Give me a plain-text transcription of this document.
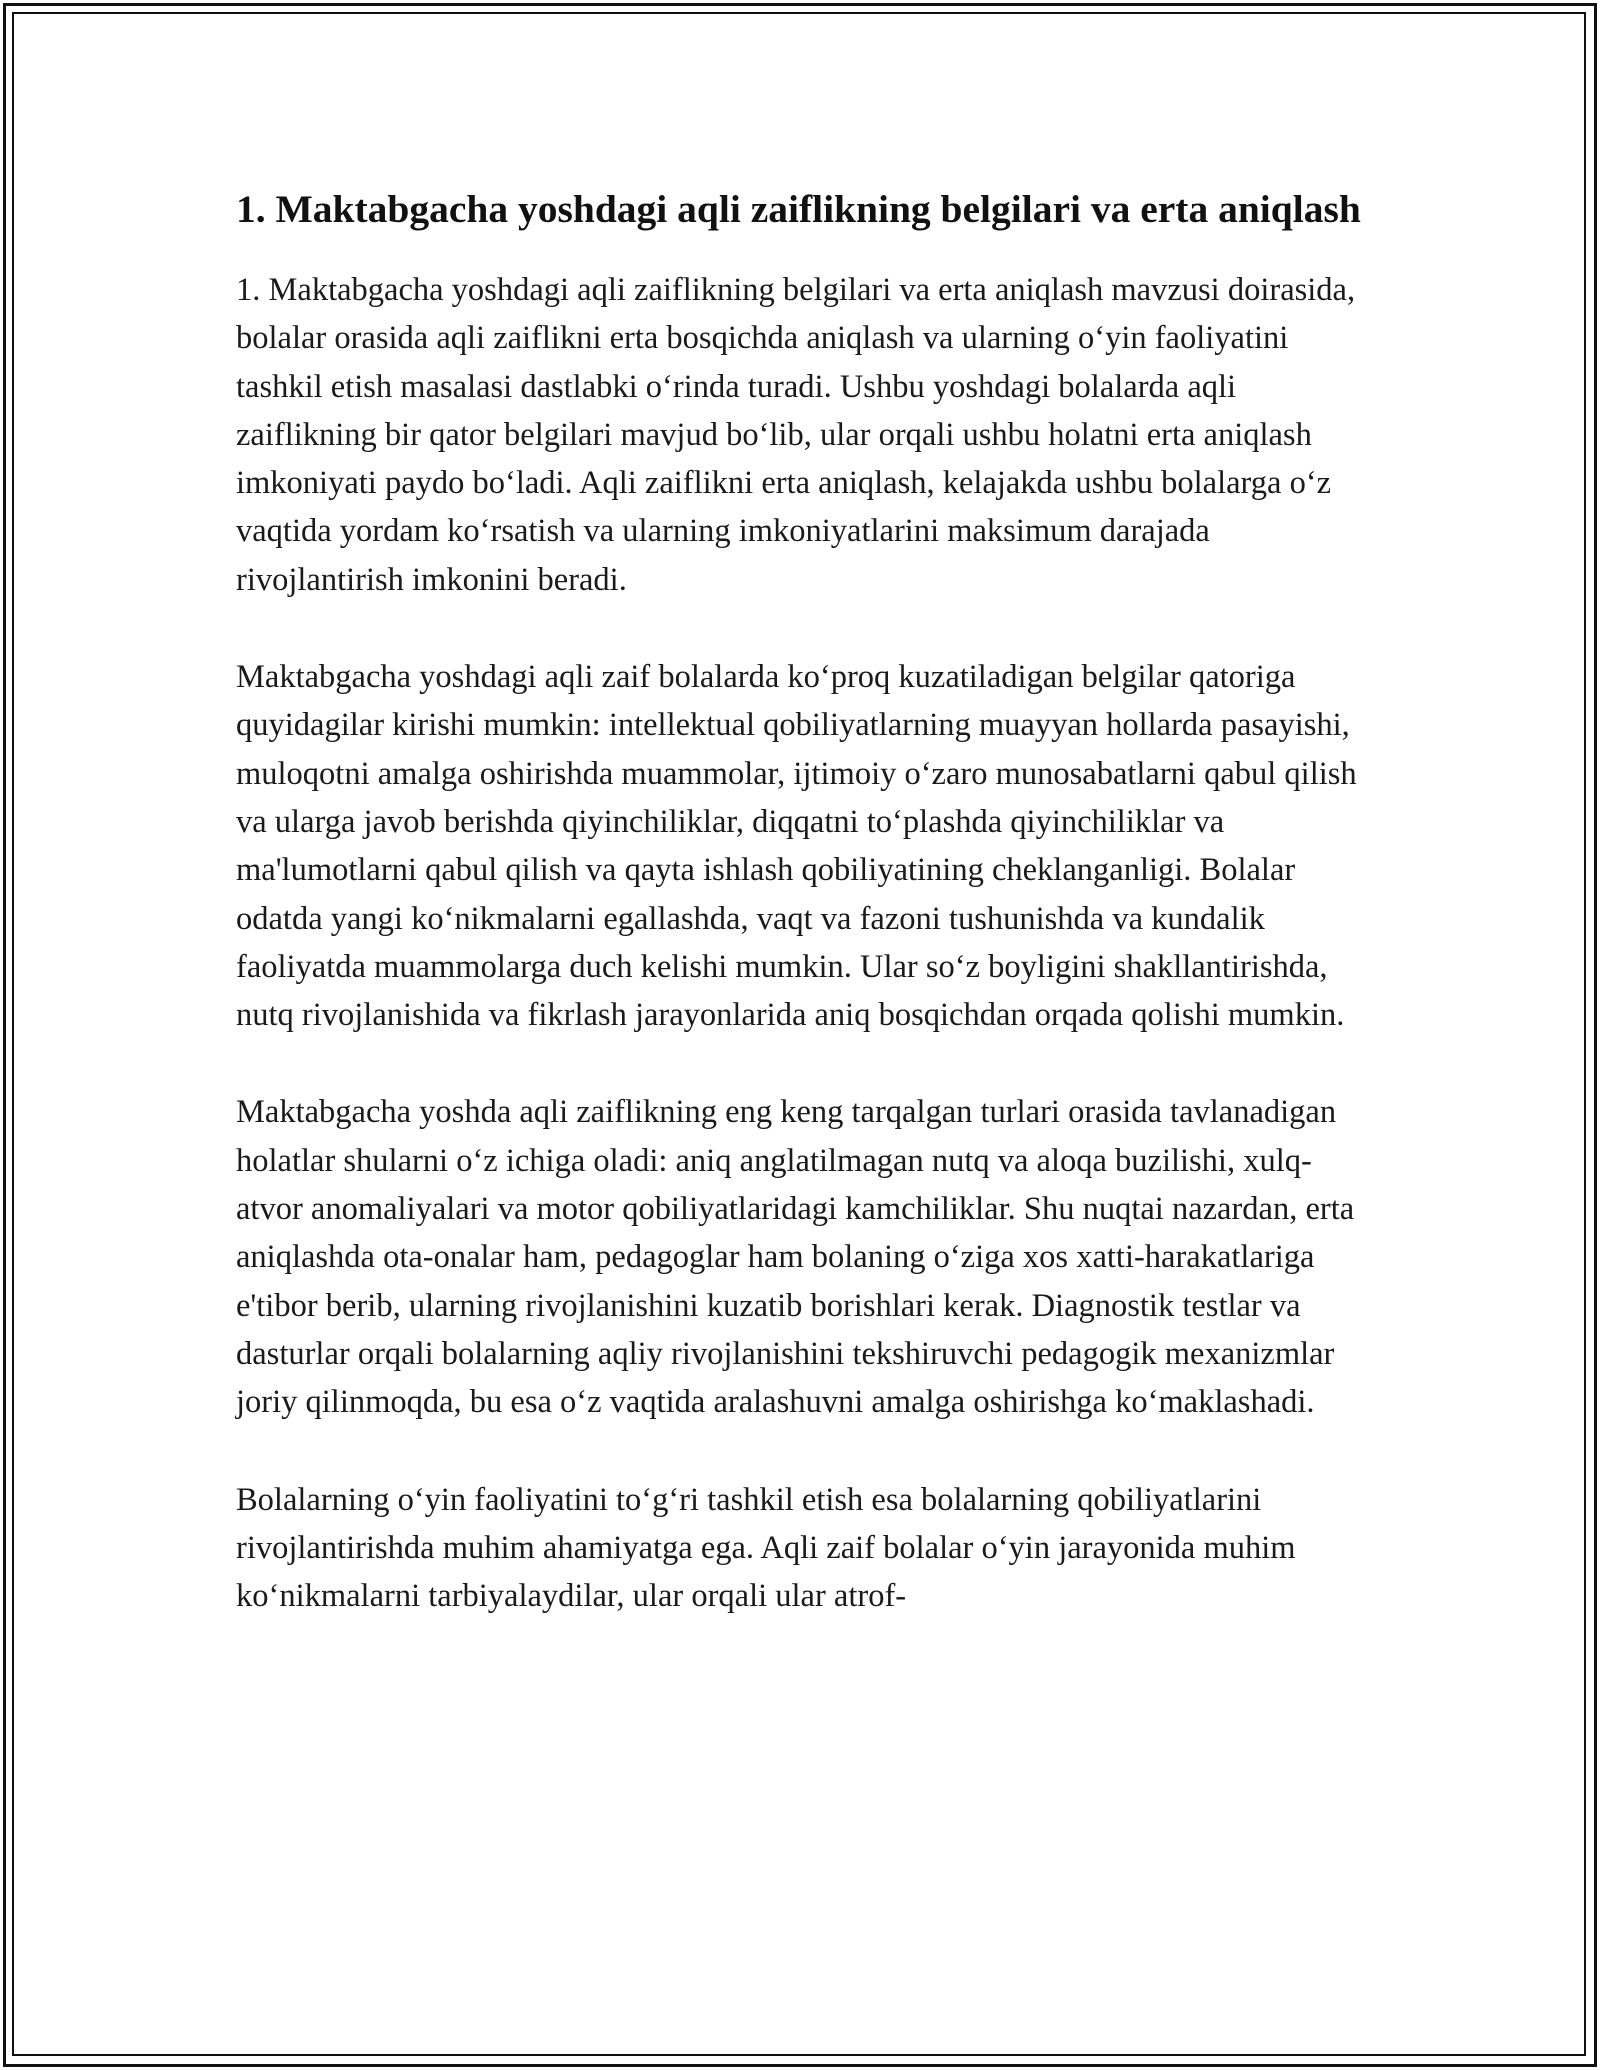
1. Maktabgacha yoshdagi aqli zaiflikning belgilari va erta aniqlash

1. Maktabgacha yoshdagi aqli zaiflikning belgilari va erta aniqlash mavzusi doirasida, bolalar orasida aqli zaiflikni erta bosqichda aniqlash va ularning o‘yin faoliyatini tashkil etish masalasi dastlabki o‘rinda turadi. Ushbu yoshdagi bolalarda aqli zaiflikning bir qator belgilari mavjud bo‘lib, ular orqali ushbu holatni erta aniqlash imkoniyati paydo bo‘ladi. Aqli zaiflikni erta aniqlash, kelajakda ushbu bolalarga o‘z vaqtida yordam ko‘rsatish va ularning imkoniyatlarini maksimum darajada rivojlantirish imkonini beradi.

Maktabgacha yoshdagi aqli zaif bolalarda ko‘proq kuzatiladigan belgilar qatoriga quyidagilar kirishi mumkin: intellektual qobiliyatlarning muayyan hollarda pasayishi, muloqotni amalga oshirishda muammolar, ijtimoiy o‘zaro munosabatlarni qabul qilish va ularga javob berishda qiyinchiliklar, diqqatni to‘plashda qiyinchiliklar va ma'lumotlarni qabul qilish va qayta ishlash qobiliyatining cheklanganligi. Bolalar odatda yangi ko‘nikmalarni egallashda, vaqt va fazoni tushunishda va kundalik faoliyatda muammolarga duch kelishi mumkin. Ular so‘z boyligini shakllantirishda, nutq rivojlanishida va fikrlash jarayonlarida aniq bosqichdan orqada qolishi mumkin.

Maktabgacha yoshda aqli zaiflikning eng keng tarqalgan turlari orasida tavlanadigan holatlar shularni o‘z ichiga oladi: aniq anglatilmagan nutq va aloqa buzilishi, xulq-atvor anomaliyalari va motor qobiliyatlaridagi kamchiliklar. Shu nuqtai nazardan, erta aniqlashda ota-onalar ham, pedagoglar ham bolaning o‘ziga xos xatti-harakatlariga e'tibor berib, ularning rivojlanishini kuzatib borishlari kerak. Diagnostik testlar va dasturlar orqali bolalarning aqliy rivojlanishini tekshiruvchi pedagogik mexanizmlar joriy qilinmoqda, bu esa o‘z vaqtida aralashuvni amalga oshirishga ko‘maklashadi.

Bolalarning o‘yin faoliyatini to‘g‘ri tashkil etish esa bolalarning qobiliyatlarini rivojlantirishda muhim ahamiyatga ega. Aqli zaif bolalar o‘yin jarayonida muhim ko‘nikmalarni tarbiyalaydilar, ular orqali ular atrof-
